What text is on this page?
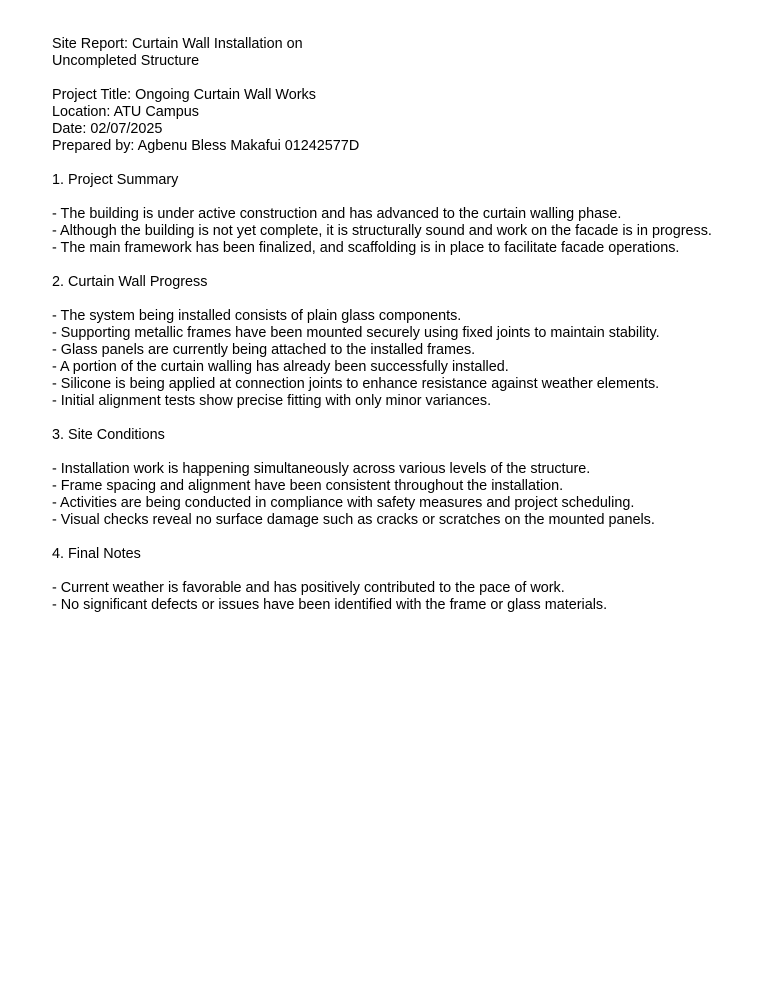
Site Report: Curtain Wall Installation on
Uncompleted Structure
Project Title: Ongoing Curtain Wall Works
Location: ATU Campus
Date: 02/07/2025
Prepared by: Agbenu Bless Makafui 01242577D
1. Project Summary
- The building is under active construction and has advanced to the curtain walling phase.
- Although the building is not yet complete, it is structurally sound and work on the facade is in progress.
- The main framework has been finalized, and scaffolding is in place to facilitate facade operations.
2. Curtain Wall Progress
- The system being installed consists of plain glass components.
- Supporting metallic frames have been mounted securely using fixed joints to maintain stability.
- Glass panels are currently being attached to the installed frames.
- A portion of the curtain walling has already been successfully installed.
- Silicone is being applied at connection joints to enhance resistance against weather elements.
- Initial alignment tests show precise fitting with only minor variances.
3. Site Conditions
- Installation work is happening simultaneously across various levels of the structure.
- Frame spacing and alignment have been consistent throughout the installation.
- Activities are being conducted in compliance with safety measures and project scheduling.
- Visual checks reveal no surface damage such as cracks or scratches on the mounted panels.
4. Final Notes
- Current weather is favorable and has positively contributed to the pace of work.
- No significant defects or issues have been identified with the frame or glass materials.
